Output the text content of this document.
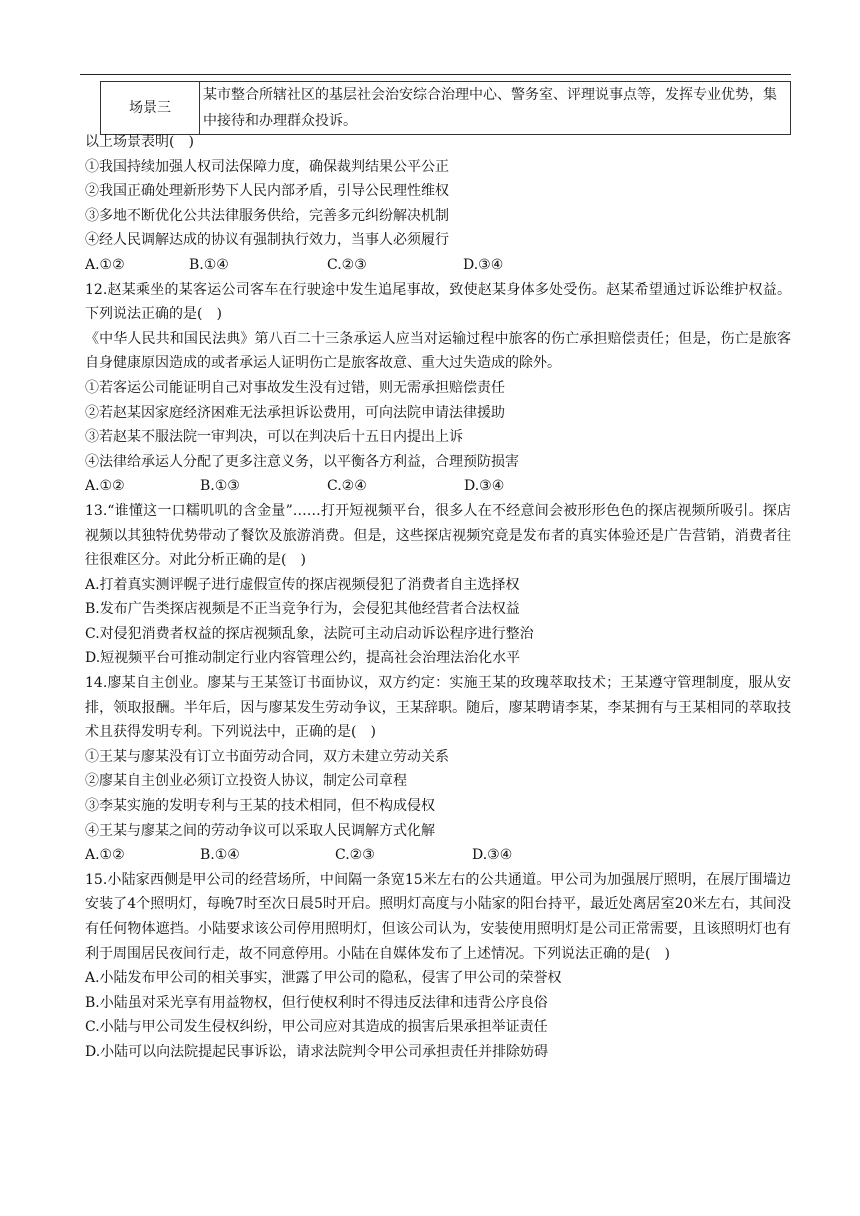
场景三	某市整合所辖社区的基层社会治安综合治理中心、警务室、评理说事点等，发挥专业优势，集中接待和办理群众投诉。
以上场景表明(　)
①我国持续加强人权司法保障力度，确保裁判结果公平公正
②我国正确处理新形势下人民内部矛盾，引导公民理性维权
③多地不断优化公共法律服务供给，完善多元纠纷解决机制
④经人民调解达成的协议有强制执行效力，当事人必须履行
A.①②	B.①④	C.②③	D.③④
12.赵某乘坐的某客运公司客车在行驶途中发生追尾事故，致使赵某身体多处受伤。赵某希望通过诉讼维护权益。下列说法正确的是(　)
《中华人民共和国民法典》第八百二十三条承运人应当对运输过程中旅客的伤亡承担赔偿责任；但是，伤亡是旅客自身健康原因造成的或者承运人证明伤亡是旅客故意、重大过失造成的除外。
①若客运公司能证明自己对事故发生没有过错，则无需承担赔偿责任
②若赵某因家庭经济困难无法承担诉讼费用，可向法院申请法律援助
③若赵某不服法院一审判决，可以在判决后十五日内提出上诉
④法律给承运人分配了更多注意义务，以平衡各方利益，合理预防损害
A.①②	B.①③	C.②④	D.③④
13.“谁懂这一口糯叽叽的含金量”……打开短视频平台，很多人在不经意间会被形形色色的探店视频所吸引。探店视频以其独特优势带动了餐饮及旅游消费。但是，这些探店视频究竟是发布者的真实体验还是广告营销，消费者往往很难区分。对此分析正确的是(　)
A.打着真实测评幌子进行虚假宣传的探店视频侵犯了消费者自主选择权
B.发布广告类探店视频是不正当竞争行为，会侵犯其他经营者合法权益
C.对侵犯消费者权益的探店视频乱象，法院可主动启动诉讼程序进行整治
D.短视频平台可推动制定行业内容管理公约，提高社会治理法治化水平
14.廖某自主创业。廖某与王某签订书面协议，双方约定：实施王某的玫瑰萃取技术；王某遵守管理制度，服从安排，领取报酬。半年后，因与廖某发生劳动争议，王某辞职。随后，廖某聘请李某，李某拥有与王某相同的萃取技术且获得发明专利。下列说法中，正确的是(　)
①王某与廖某没有订立书面劳动合同，双方未建立劳动关系
②廖某自主创业必须订立投资人协议，制定公司章程
③李某实施的发明专利与王某的技术相同，但不构成侵权
④王某与廖某之间的劳动争议可以采取人民调解方式化解
A.①②	B.①④	C.②③	D.③④
15.小陆家西侧是甲公司的经营场所，中间隔一条宽15米左右的公共通道。甲公司为加强展厅照明，在展厅围墙边安装了4个照明灯，每晚7时至次日晨5时开启。照明灯高度与小陆家的阳台持平，最近处离居室20米左右，其间没有任何物体遮挡。小陆要求该公司停用照明灯，但该公司认为，安装使用照明灯是公司正常需要，且该照明灯也有利于周围居民夜间行走，故不同意停用。小陆在自媒体发布了上述情况。下列说法正确的是(　)
A.小陆发布甲公司的相关事实，泄露了甲公司的隐私，侵害了甲公司的荣誉权
B.小陆虽对采光享有用益物权，但行使权利时不得违反法律和违背公序良俗
C.小陆与甲公司发生侵权纠纷，甲公司应对其造成的损害后果承担举证责任
D.小陆可以向法院提起民事诉讼，请求法院判令甲公司承担责任并排除妨碍
